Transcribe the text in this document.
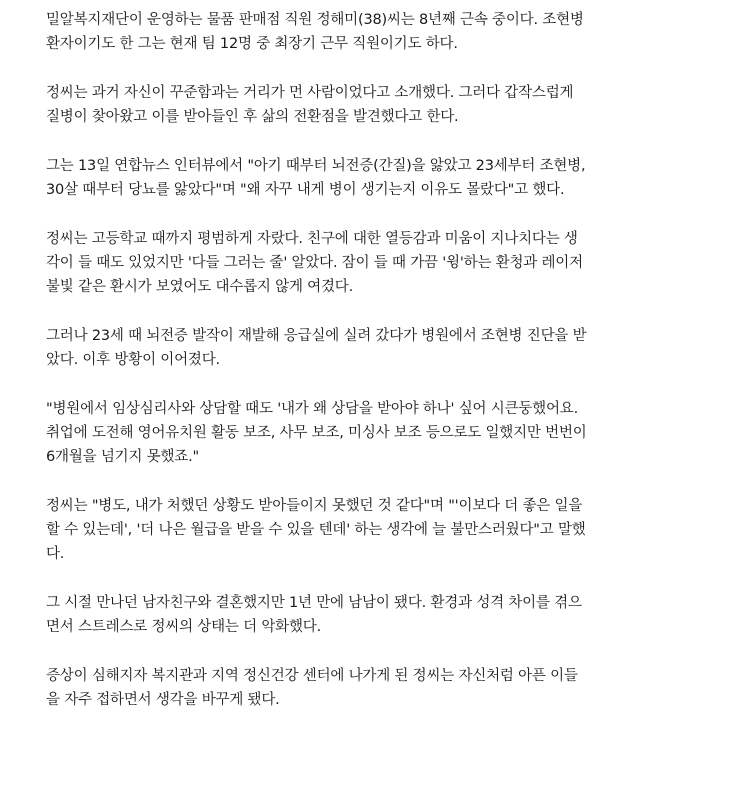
밀알복지재단이 운영하는 물품 판매점 직원 정해미(38)씨는 8년째 근속 중이다. 조현병
환자이기도 한 그는 현재 팀 12명 중 최장기 근무 직원이기도 하다.

정씨는 과거 자신이 꾸준함과는 거리가 먼 사람이었다고 소개했다. 그러다 갑작스럽게
질병이 찾아왔고 이를 받아들인 후 삶의 전환점을 발견했다고 한다.

그는 13일 연합뉴스 인터뷰에서 "아기 때부터 뇌전증(간질)을 앓았고 23세부터 조현병,
30살 때부터 당뇨를 앓았다"며 "왜 자꾸 내게 병이 생기는지 이유도 몰랐다"고 했다.

정씨는 고등학교 때까지 평범하게 자랐다. 친구에 대한 열등감과 미움이 지나치다는 생
각이 들 때도 있었지만 '다들 그러는 줄' 알았다. 잠이 들 때 가끔 '윙'하는 환청과 레이저
불빛 같은 환시가 보였어도 대수롭지 않게 여겼다.

그러나 23세 때 뇌전증 발작이 재발해 응급실에 실려 갔다가 병원에서 조현병 진단을 받
았다. 이후 방황이 이어졌다.

"병원에서 임상심리사와 상담할 때도 '내가 왜 상담을 받아야 하나' 싶어 시큰둥했어요.
취업에 도전해 영어유치원 활동 보조, 사무 보조, 미싱사 보조 등으로도 일했지만 번번이
6개월을 넘기지 못했죠."

정씨는 "병도, 내가 처했던 상황도 받아들이지 못했던 것 같다"며 "'이보다 더 좋은 일을
할 수 있는데', '더 나은 월급을 받을 수 있을 텐데' 하는 생각에 늘 불만스러웠다"고 말했
다.

그 시절 만나던 남자친구와 결혼했지만 1년 만에 남남이 됐다. 환경과 성격 차이를 겪으
면서 스트레스로 정씨의 상태는 더 악화했다.

증상이 심해지자 복지관과 지역 정신건강 센터에 나가게 된 정씨는 자신처럼 아픈 이들
을 자주 접하면서 생각을 바꾸게 됐다.
